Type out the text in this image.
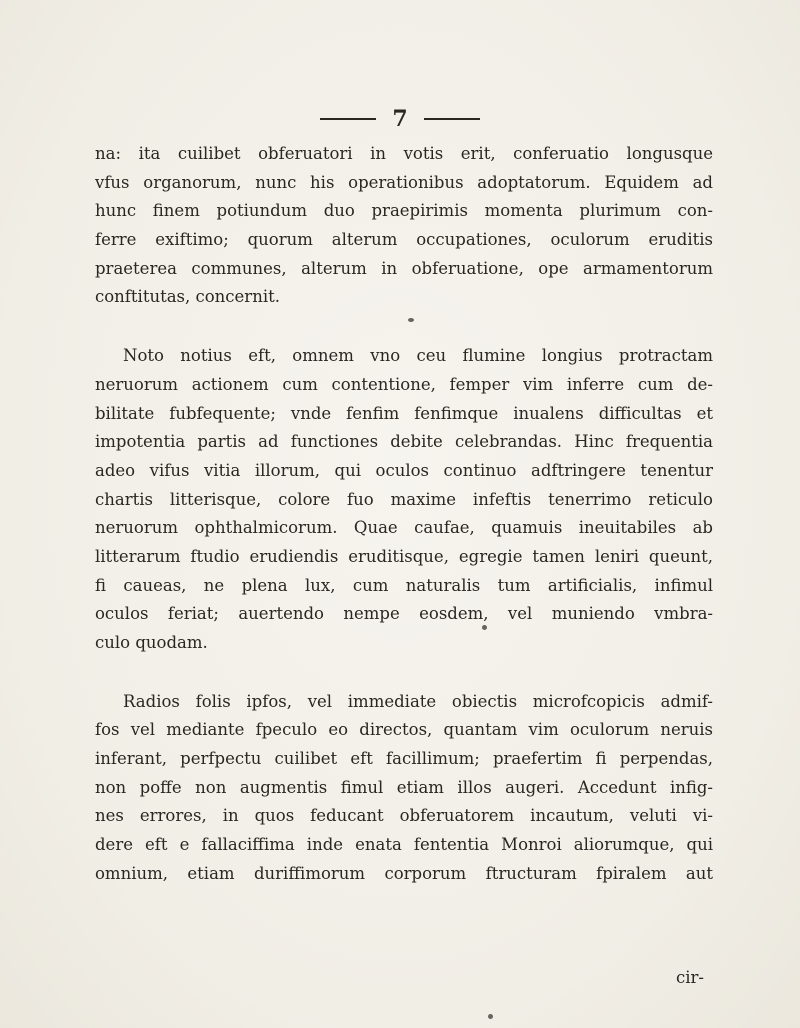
7
na: ita cuilibet obferuatori in votis erit, conferuatio longusque
vfus organorum, nunc his operationibus adoptatorum. Equidem ad
hunc finem potiundum duo praepirimis momenta plurimum con-
ferre exiftimo; quorum alterum occupationes, oculorum eruditis
praeterea communes, alterum in obferuatione, ope armamentorum
conftitutas, concernit.
Noto notius eft, omnem vno ceu flumine longius protractam
neruorum actionem cum contentione, femper vim inferre cum de-
bilitate fubfequente; vnde fenfim fenfimque inualens difficultas et
impotentia partis ad functiones debite celebrandas. Hinc frequentia
adeo vifus vitia illorum, qui oculos continuo adftringere tenentur
chartis litterisque, colore fuo maxime infeftis tenerrimo reticulo
neruorum ophthalmicorum. Quae caufae, quamuis ineuitabiles ab
litterarum ftudio erudiendis eruditisque, egregie tamen leniri queunt,
fi caueas, ne plena lux, cum naturalis tum artificialis, infimul
oculos feriat; auertendo nempe eosdem, vel muniendo vmbra-
culo quodam.
Radios folis ipfos, vel immediate obiectis microfcopicis admif-
fos vel mediante fpeculo eo directos, quantam vim oculorum neruis
inferant, perfpectu cuilibet eft facillimum; praefertim fi perpendas,
non poffe non augmentis fimul etiam illos augeri. Accedunt infig-
nes errores, in quos feducant obferuatorem incautum, veluti vi-
dere eft e fallaciffima inde enata fententia Monroi aliorumque, qui
omnium, etiam duriffimorum corporum ftructuram fpiralem aut
cir-
